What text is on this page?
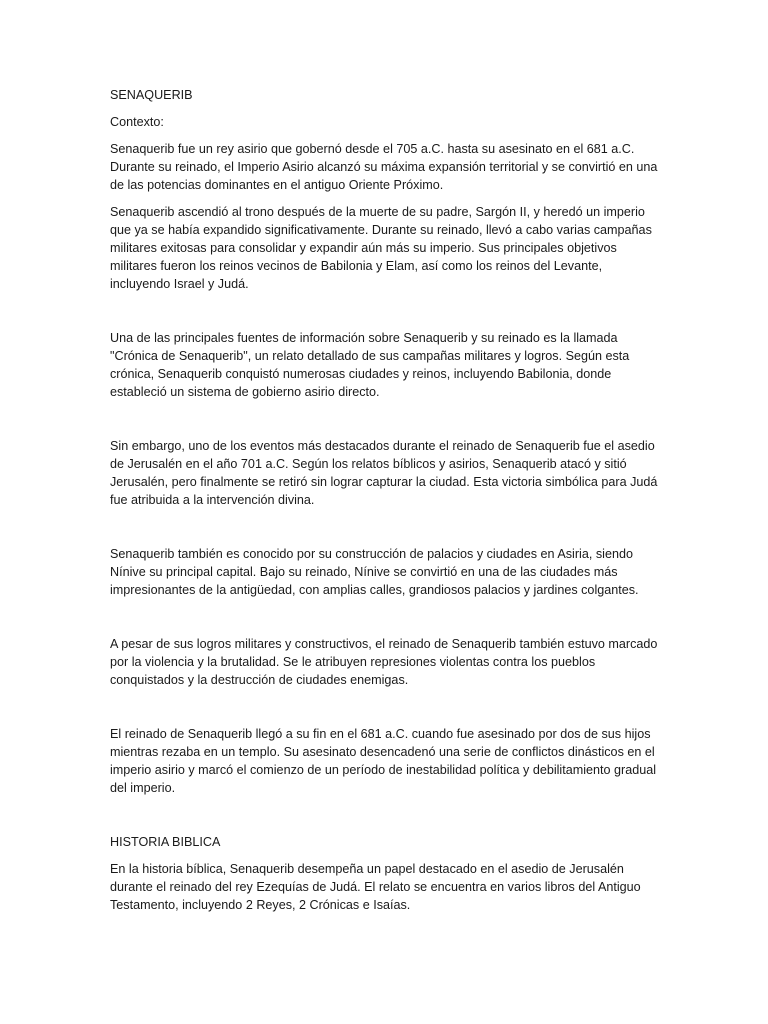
SENAQUERIB

Contexto:

Senaquerib fue un rey asirio que gobernó desde el 705 a.C. hasta su asesinato en el 681 a.C. Durante su reinado, el Imperio Asirio alcanzó su máxima expansión territorial y se convirtió en una de las potencias dominantes en el antiguo Oriente Próximo.

Senaquerib ascendió al trono después de la muerte de su padre, Sargón II, y heredó un imperio que ya se había expandido significativamente. Durante su reinado, llevó a cabo varias campañas militares exitosas para consolidar y expandir aún más su imperio. Sus principales objetivos militares fueron los reinos vecinos de Babilonia y Elam, así como los reinos del Levante, incluyendo Israel y Judá.

Una de las principales fuentes de información sobre Senaquerib y su reinado es la llamada "Crónica de Senaquerib", un relato detallado de sus campañas militares y logros. Según esta crónica, Senaquerib conquistó numerosas ciudades y reinos, incluyendo Babilonia, donde estableció un sistema de gobierno asirio directo.

Sin embargo, uno de los eventos más destacados durante el reinado de Senaquerib fue el asedio de Jerusalén en el año 701 a.C. Según los relatos bíblicos y asirios, Senaquerib atacó y sitió Jerusalén, pero finalmente se retiró sin lograr capturar la ciudad. Esta victoria simbólica para Judá fue atribuida a la intervención divina.

Senaquerib también es conocido por su construcción de palacios y ciudades en Asiria, siendo Nínive su principal capital. Bajo su reinado, Nínive se convirtió en una de las ciudades más impresionantes de la antigüedad, con amplias calles, grandiosos palacios y jardines colgantes.

A pesar de sus logros militares y constructivos, el reinado de Senaquerib también estuvo marcado por la violencia y la brutalidad. Se le atribuyen represiones violentas contra los pueblos conquistados y la destrucción de ciudades enemigas.

El reinado de Senaquerib llegó a su fin en el 681 a.C. cuando fue asesinado por dos de sus hijos mientras rezaba en un templo. Su asesinato desencadenó una serie de conflictos dinásticos en el imperio asirio y marcó el comienzo de un período de inestabilidad política y debilitamiento gradual del imperio.

HISTORIA BIBLICA

En la historia bíblica, Senaquerib desempeña un papel destacado en el asedio de Jerusalén durante el reinado del rey Ezequías de Judá. El relato se encuentra en varios libros del Antiguo Testamento, incluyendo 2 Reyes, 2 Crónicas e Isaías.
